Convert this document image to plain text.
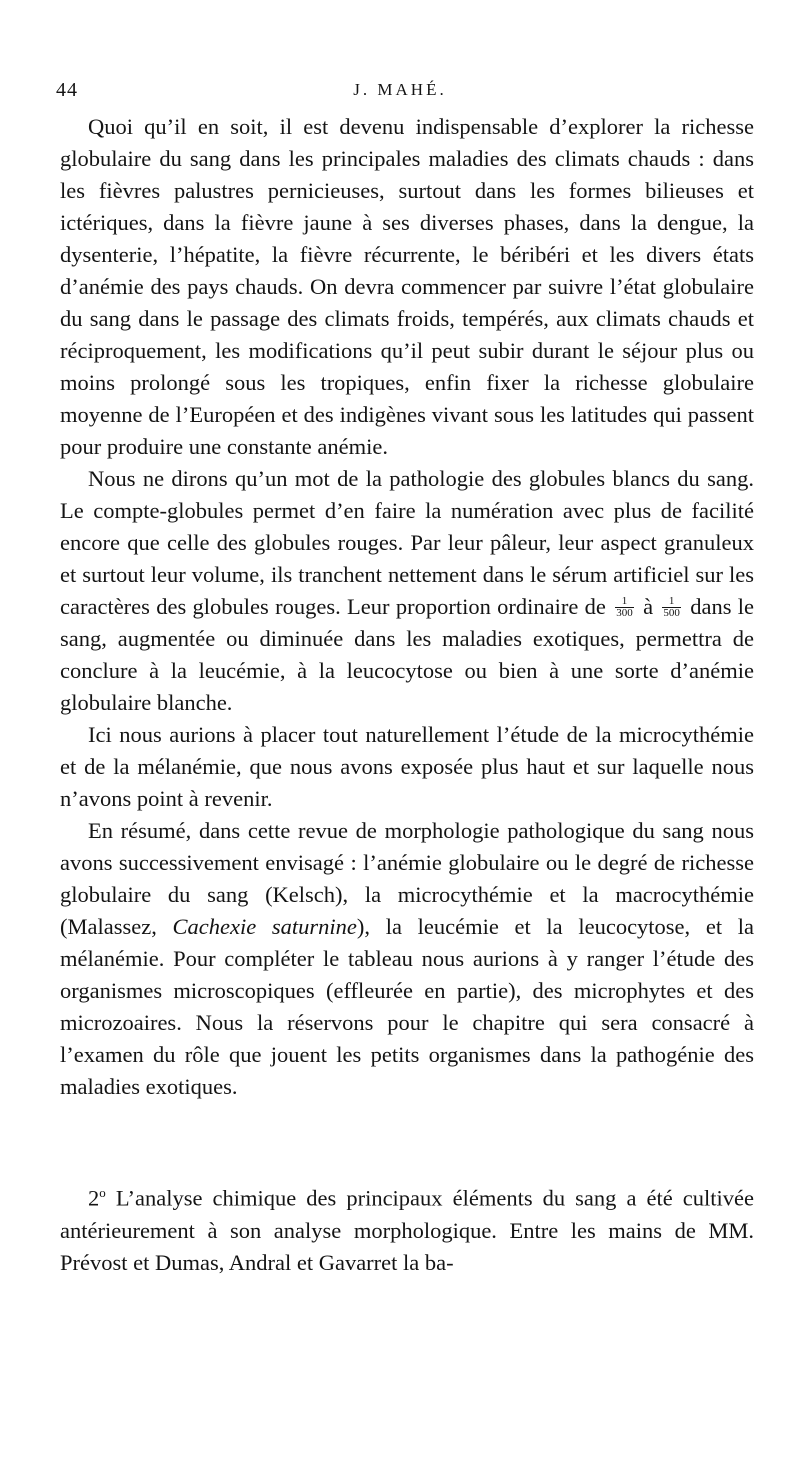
44	J. MAHÉ.

Quoi qu’il en soit, il est devenu indispensable d’explorer la richesse globulaire du sang dans les principales maladies des climats chauds : dans les fièvres palustres pernicieuses, surtout dans les formes bilieuses et ictériques, dans la fièvre jaune à ses diverses phases, dans la dengue, la dysenterie, l’hépatite, la fièvre récurrente, le béribéri et les divers états d’anémie des pays chauds. On devra commencer par suivre l’état globulaire du sang dans le passage des climats froids, tempérés, aux climats chauds et réciproquement, les modifications qu’il peut subir durant le séjour plus ou moins prolongé sous les tropiques, enfin fixer la richesse globulaire moyenne de l’Européen et des indigènes vivant sous les latitudes qui passent pour produire une constante anémie.

Nous ne dirons qu’un mot de la pathologie des globules blancs du sang. Le compte-globules permet d’en faire la numération avec plus de facilité encore que celle des globules rouges. Par leur pâleur, leur aspect granuleux et surtout leur volume, ils tranchent nettement dans le sérum artificiel sur les caractères des globules rouges. Leur proportion ordinaire de $\frac{1}{300}$ à $\frac{1}{500}$ dans le sang, augmentée ou diminuée dans les maladies exotiques, permettra de conclure à la leucémie, à la leucocytose ou bien à une sorte d’anémie globulaire blanche.

Ici nous aurions à placer tout naturellement l’étude de la microcythémie et de la mélanémie, que nous avons exposée plus haut et sur laquelle nous n’avons point à revenir.

En résumé, dans cette revue de morphologie pathologique du sang nous avons successivement envisagé : l’anémie globulaire ou le degré de richesse globulaire du sang (Kelsch), la microcythémie et la macrocythémie (Malassez, Cachexie saturnine), la leucémie et la leucocytose, et la mélanémie. Pour compléter le tableau nous aurions à y ranger l’étude des organismes microscopiques (effleurée en partie), des microphytes et des microzoaires. Nous la réservons pour le chapitre qui sera consacré à l’examen du rôle que jouent les petits organismes dans la pathogénie des maladies exotiques.

2$^o$ L’analyse chimique des principaux éléments du sang a été cultivée antérieurement à son analyse morphologique. Entre les mains de MM. Prévost et Dumas, Andral et Gavarret la ba-
